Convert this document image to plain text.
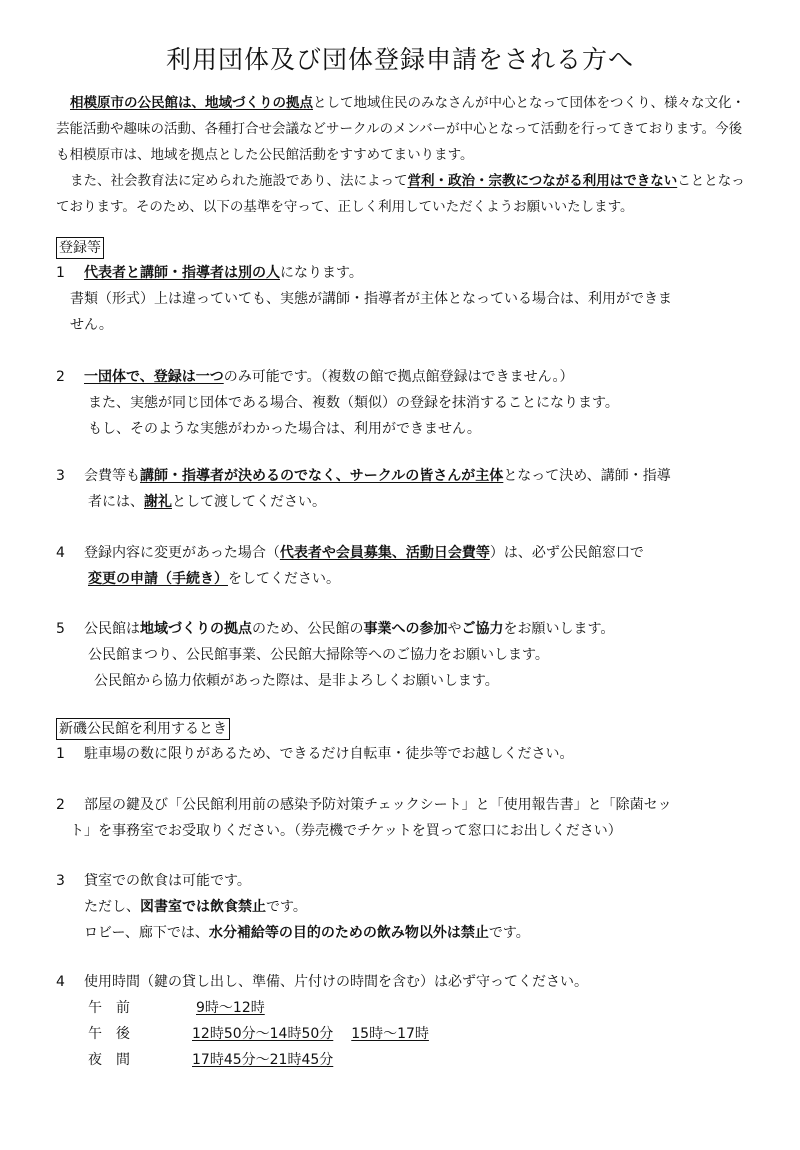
利用団体及び団体登録申請をされる方へ

相模原市の公民館は、地域づくりの拠点として地域住民のみなさんが中心となって団体をつくり、様々な文化・芸能活動や趣味の活動、各種打合せ会議などサークルのメンバーが中心となって活動を行ってきております。今後も相模原市は、地域を拠点とした公民館活動をすすめてまいります。

また、社会教育法に定められた施設であり、法によって営利・政治・宗教につながる利用はできないこととなっております。そのため、以下の基準を守って、正しく利用していただくようお願いいたします。

登録等
1 代表者と講師・指導者は別の人になります。
書類（形式）上は違っていても、実態が講師・指導者が主体となっている場合は、利用ができま
せん。
2 一団体で、登録は一つのみ可能です。（複数の館で拠点館登録はできません。）
また、実態が同じ団体である場合、複数（類似）の登録を抹消することになります。
もし、そのような実態がわかった場合は、利用ができません。
3 会費等も講師・指導者が決めるのでなく、サークルの皆さんが主体となって決め、講師・指導
者には、謝礼として渡してください。
4 登録内容に変更があった場合（代表者や会員募集、活動日会費等）は、必ず公民館窓口で
変更の申請（手続き）をしてください。
5 公民館は地域づくりの拠点のため、公民館の事業への参加やご協力をお願いします。
公民館まつり、公民館事業、公民館大掃除等へのご協力をお願いします。
公民館から協力依頼があった際は、是非よろしくお願いします。
新磯公民館を利用するとき
1 駐車場の数に限りがあるため、できるだけ自転車・徒歩等でお越しください。
2 部屋の鍵及び「公民館利用前の感染予防対策チェックシート」と「使用報告書」と「除菌セッ
ト」を事務室でお受取りください。（券売機でチケットを買って窓口にお出しください）
3 貸室での飲食は可能です。
ただし、図書室では飲食禁止です。
ロビー、廊下では、水分補給等の目的のための飲み物以外は禁止です。
4 使用時間（鍵の貸し出し、準備、片付けの時間を含む）は必ず守ってください。
午前	9時～12時
午後	12時50分～14時50分 15時～17時
夜間	17時45分～21時45分
